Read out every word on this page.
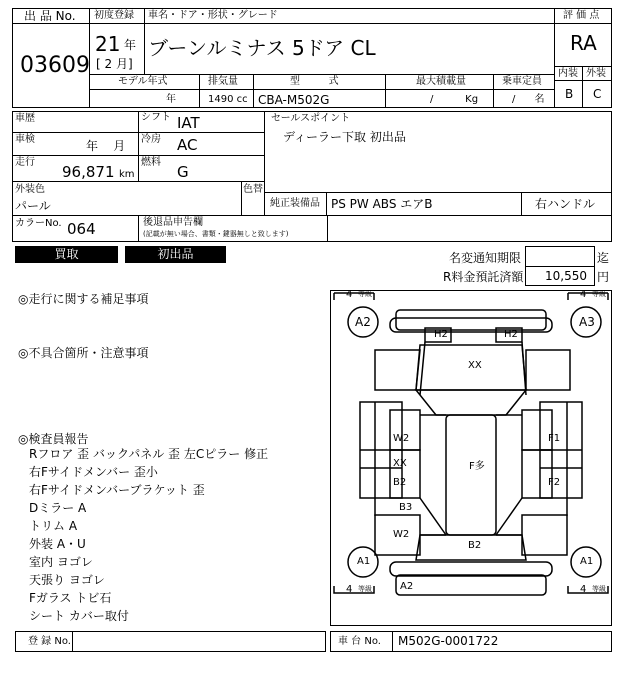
出 品 No.
03609
初度登録
21 年
[ 2 月]
車名・ドア・形状・グレード
ブーンルミナス 5ドア CL
評 価 点
RA
内装 外装
B C
モデル年式	排気量	型         式	最大積載量	乗車定員
年	1490 cc CBA-M502G	/          Kg	/      名
車歴
車検	年    月
走行
96,871 km
シフト IAT
冷房 AC
燃料
G
セールスポイント
ディーラー下取 初出品
外装色
パール
色替
純正装備品 PS PW ABS エアB	右ハンドル
カラーNo. 064	後退品申告欄
(記載が無い場合、書類・鍵器無しと致します)
買取	初出品	名変通知期限	迄
R料金預託済額 10,550 円
◎走行に関する補足事項
◎不具合箇所・注意事項
◎検査員報告
Rフロア 歪 バックパネル 歪 左Cピラー 修正
右Fサイドメンバー 歪小
右Fサイドメンバーブラケット 歪
Dミラー A
トリム A
外装 A・U
室内 ヨゴレ
天張り ヨゴレ
Fガラス トビ石
シート カバー取付
4 等級	4 等級
4 等級	4 等級
A2	A3
H2	H2
XX
W2	F1
XX	F多
B2	F2
B3
W2
B2
A1	A1
A2
登 録 No.	車 台 No. M502G-0001722
